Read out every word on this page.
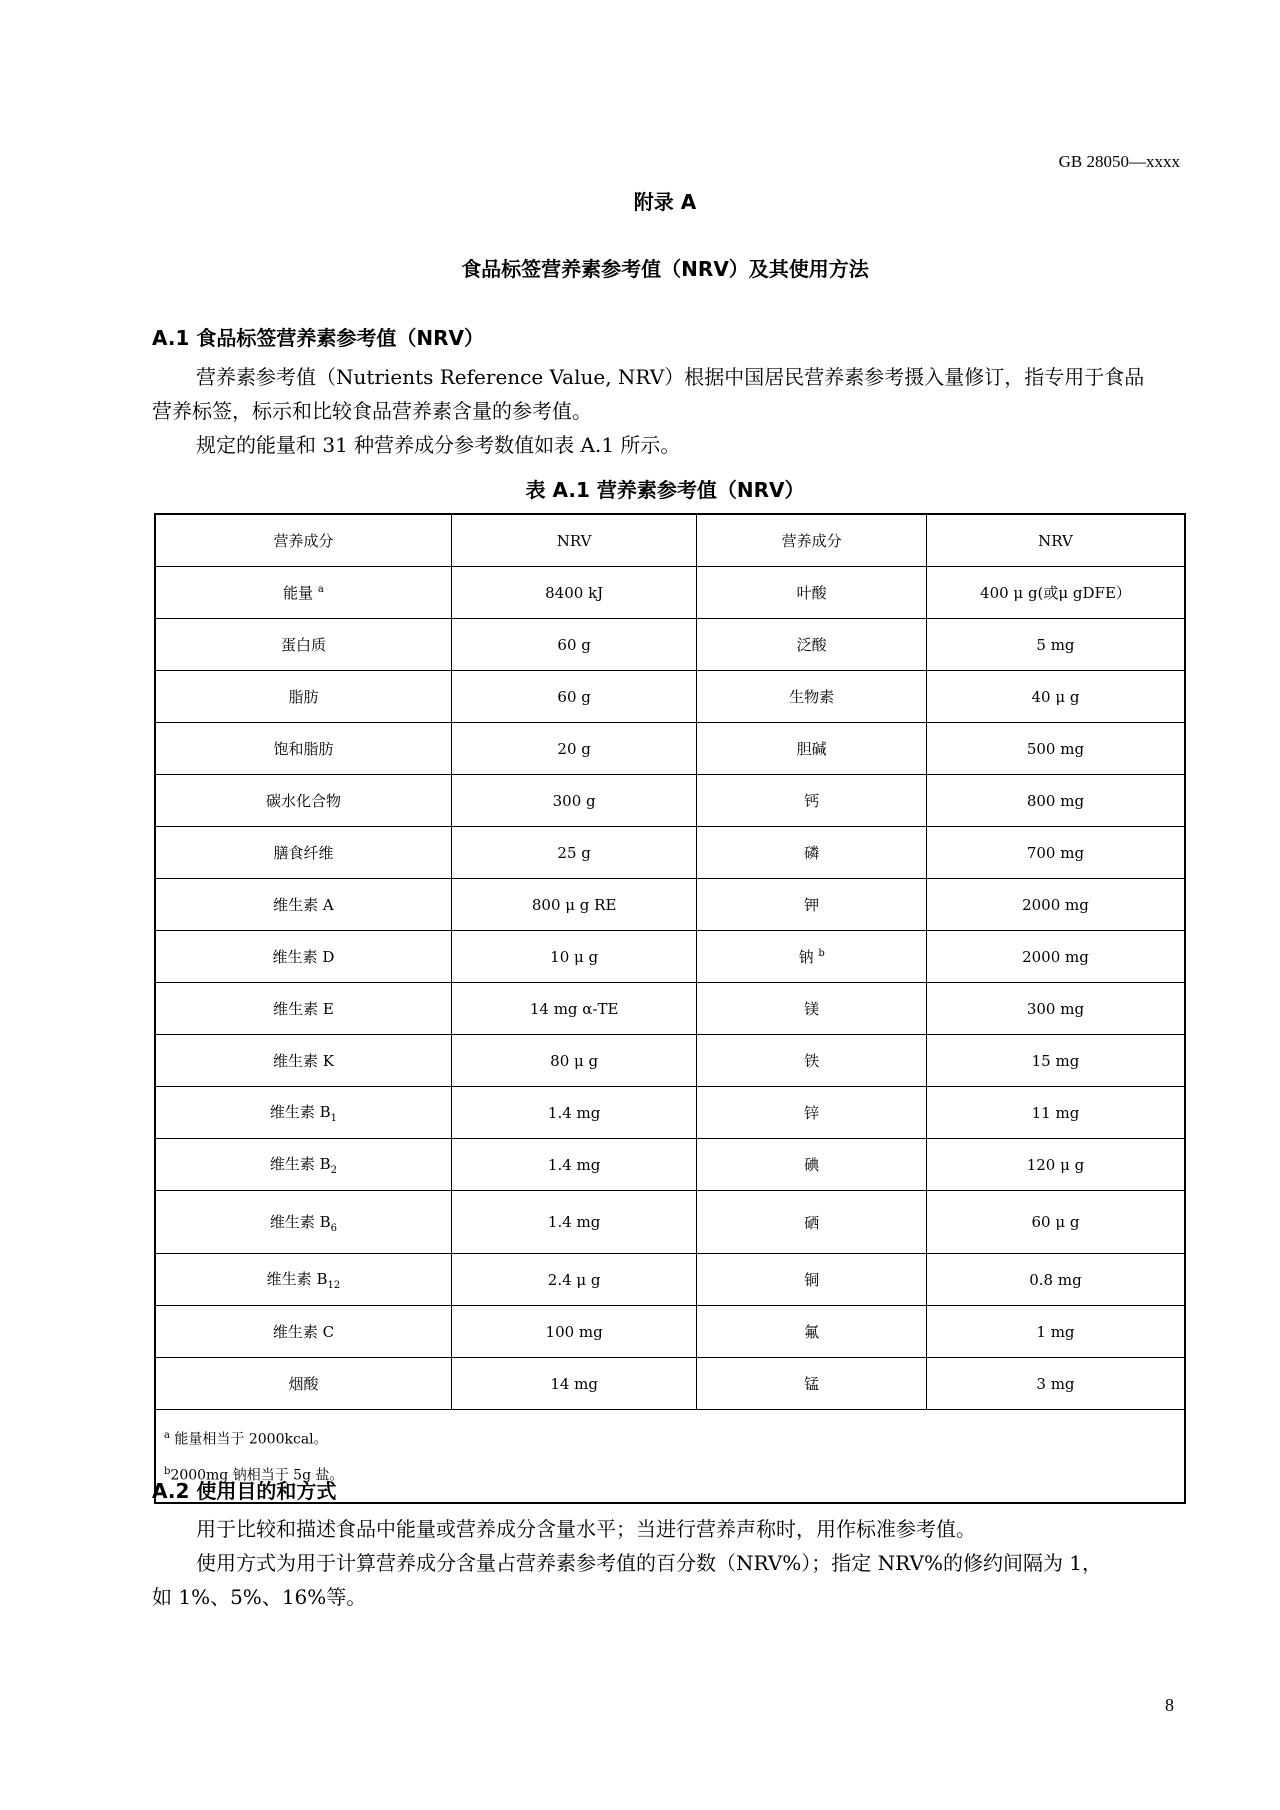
GB 28050—xxxx
附录 A
食品标签营养素参考值（NRV）及其使用方法
A.1 食品标签营养素参考值（NRV）
营养素参考值（Nutrients Reference Value, NRV）根据中国居民营养素参考摄入量修订，指专用于食品
营养标签，标示和比较食品营养素含量的参考值。
规定的能量和 31 种营养成分参考数值如表 A.1 所示。
表 A.1 营养素参考值（NRV）
营养成分	NRV	营养成分	NRV
能量 $^a$	8400 kJ	叶酸	400 μ g(或μ gDFE）
蛋白质	60 g	泛酸	5 mg
脂肪	60 g	生物素	40 μ g
饱和脂肪	20 g	胆碱	500 mg
碳水化合物	300 g	钙	800 mg
膳食纤维	25 g	磷	700 mg
维生素 A	800 μ g RE	钾	2000 mg
维生素 D	10 μ g	钠 $^b$	2000 mg
维生素 E	14 mg α-TE	镁	300 mg
维生素 K	80 μ g	铁	15 mg
维生素 $B_1$	1.4 mg	锌	11 mg
维生素 $B_2$	1.4 mg	碘	120 μ g
维生素 $B_6$	1.4 mg	硒	60 μ g
维生素 $B_{12}$	2.4 μ g	铜	0.8 mg
维生素 C	100 mg	氟	1 mg
烟酸	14 mg	锰	3 mg

$^a$ 能量相当于 2000kcal。
$^b$2000mg 钠相当于 5g 盐。			
A.2 使用目的和方式
用于比较和描述食品中能量或营养成分含量水平；当进行营养声称时，用作标准参考值。
使用方式为用于计算营养成分含量占营养素参考值的百分数（NRV%）；指定 NRV%的修约间隔为 1，
如 1%、5%、16%等。
8
